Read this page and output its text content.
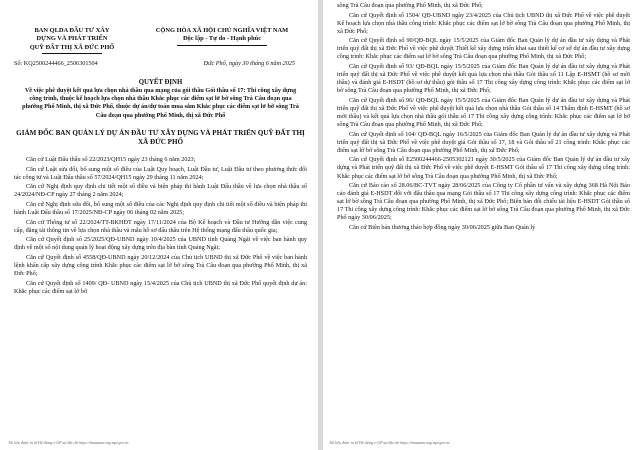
BAN QLDA ĐẦU TƯ XÂY
DỰNG VÀ PHÁT TRIỂN
QUỸ ĐẤT THỊ XÃ ĐỨC PHỔ
CỘNG HÒA XÃ HỘI CHỦ NGHĨA VIỆT NAM
Độc lập - Tự do - Hạnh phúc
Số: KQ2500244466_2506301504	Đức Phổ, ngày 30 tháng 6 năm 2025
QUYẾT ĐỊNH
Về việc phê duyệt kết quả lựa chọn nhà thầu qua mạng của gói thầu Gói thầu số 17: Thi công xây dựng công trình, thuộc kế hoạch lựa chọn nhà thầu Khắc phục các điểm sạt lở bờ sông Trà Câu đoạn qua phường Phổ Minh, thị xã Đức Phổ, thuộc dự án/dự toán mua sắm Khắc phục các điểm sạt lở bờ sông Trà Câu đoạn qua phường Phổ Minh, thị xã Đức Phổ
GIÁM ĐỐC BAN QUẢN LÝ DỰ ÁN ĐẦU TƯ XÂY DỰNG VÀ PHÁT TRIỂN QUỸ ĐẤT THỊ XÃ ĐỨC PHỔ

Căn cứ Luật Đấu thầu số 22/2023/QH15 ngày 23 tháng 6 năm 2023;

Căn cứ Luật sửa đổi, bổ sung một số điều của Luật Quy hoạch, Luật Đầu tư, Luật Đầu tư theo phương thức đối tác công tư và Luật Đấu thầu số 57/2024/QH15 ngày 29 tháng 11 năm 2024;

Căn cứ Nghị định quy định chi tiết một số điều và biện pháp thi hành Luật Đấu thầu về lựa chọn nhà thầu số 24/2024/NĐ-CP ngày 27 tháng 2 năm 2024;

Căn cứ Nghị định sửa đổi, bổ sung một số điều của các Nghị định quy định chi tiết một số điều và biện pháp thi hành Luật Đấu thầu số 17/2025/NĐ-CP ngày 06 tháng 02 năm 2025;

Căn cứ Thông tư số 22/2024/TT-BKHĐT ngày 17/11/2024 của Bộ Kế hoạch và Đầu tư Hướng dẫn việc cung cấp, đăng tải thông tin về lựa chọn nhà thầu và mẫu hồ sơ đấu thầu trên Hệ thống mạng đấu thầu quốc gia;

Căn cứ Quyết định số 25/2025/QĐ-UBND ngày 10/4/2025 của UBND tỉnh Quảng Ngãi về việc ban hành quy định về một số nội dung quản lý hoạt động xây dựng trên địa bàn tỉnh Quảng Ngãi;

Căn cứ Quyết định số 4558/QĐ-UBND ngày 20/12/2024 của Chủ tịch UBND thị xã Đức Phổ về việc ban hành lệnh khẩn cấp xây dựng công trình Khắc phục các điểm sạt lở bờ sông Trà Câu đoạn qua phường Phổ Minh, thị xã Đức Phổ;

Căn cứ Quyết định số 1409/ QĐ- UBND ngày 15/4/2025 của Chủ tịch UBND thị xã Đức Phổ quyết định dự án: Khắc phục các điểm sạt lở bờ

Tài liệu được in từ Hệ thống e-GP tại địa chỉ https://muasamcong.mpi.gov.vn

sông Trà Câu đoạn qua phường Phổ Minh, thị xã Đức Phổ;

Căn cứ Quyết định số 1504/ QĐ-UBND ngày 23/4/2025 của Chủ tịch UBND thị xã Đức Phổ về việc phê duyệt Kế hoạch lựa chọn nhà thầu công trình: Khắc phục các điểm sạt lở bờ sông Trà Câu đoạn qua phường Phổ Minh, thị xã Đức Phổ;

Căn cứ Quyết định số 90/QĐ-BQL ngày 15/5/2025 của Giám đốc Ban Quản lý dự án đầu tư xây dựng và Phát triển quỹ đất thị xã Đức Phổ về việc phê duyệt Thiết kế xây dựng triển khai sau thiết kế cơ sở dự án đầu tư xây dựng công trình: Khắc phục các điểm sạt lở bờ sông Trà Câu đoạn qua phường Phổ Minh, thị xã Đức Phổ;

Căn cứ Quyết định số 93/ QĐ-BQL ngày 15/5/2025 của Giám đốc Ban Quản lý dự án đầu tư xây dựng và Phát triển quỹ đất thị xã Đức Phổ về việc phê duyệt kết quả lựa chọn nhà thầu Gói thầu số 11 Lập E-HSMT (hồ sơ mời thầu) và đánh giá E-HSDT (hồ sơ dự thầu) gói thầu số 17 Thi công xây dựng công trình: Khắc phục các điểm sạt lở bờ sông Trà Câu đoạn qua phường Phổ Minh, thị xã Đức Phổ;

Căn cứ Quyết định số 96/ QĐ-BQL ngày 15/5/2025 của Giám đốc Ban Quản lý dự án đầu tư xây dựng và Phát triển quỹ đất thị xã Đức Phổ về việc phê duyệt kết quả lựa chọn nhà thầu Gói thầu số 14 Thẩm định E-HSMT (hồ sơ mời thầu) và kết quả lựa chọn nhà thầu gói thầu số 17 Thi công xây dựng công trình: Khắc phục các điểm sạt lở bờ sông Trà Câu đoạn qua phường Phổ Minh, thị xã Đức Phổ;

Căn cứ Quyết định số 104/ QĐ-BQL ngày 16/5/2025 của Giám đốc Ban Quản lý dự án đầu tư xây dựng và Phát triển quỹ đất thị xã Đức Phổ về việc phê duyệt giá Gói thầu số 17, 18 và Gói thầu số 21 công trình: Khắc phục các điểm sạt lở bờ sông Trà Câu đoạn qua phường Phổ Minh, thị xã Đức Phổ;

Căn cứ Quyết định số E2500244466-2505302121 ngày 30/5/2025 của Giám đốc Ban Quản lý dự án đầu tư xây dựng và Phát triển quỹ đất thị xã Đức Phổ về việc phê duyệt E-HSMT Gói thầu số 17 Thi công xây dựng công trình: Khắc phục các điểm sạt lở bờ sông Trà Câu đoạn qua phường Phổ Minh, thị xã Đức Phổ;

Căn cứ Báo cáo số 28.06/BC-TVT ngày 28/06/2025 của Công ty Cổ phần tư vấn và xây dựng 368 Hà Nội Báo cáo đánh giá E-HSDT đối với đấu thầu qua mạng Gói thầu số 17 Thi công xây dựng công trình: Khắc phục các điểm sạt lở bờ sông Trà Câu đoạn qua phường Phổ Minh, thị xã Đức Phổ; Biên bản đối chiếu tài liệu E-HSDT Gói thầu số 17 Thi công xây dựng công trình: Khắc phục các điểm sạt lở bờ sông Trà Câu đoạn qua phường Phổ Minh, thị xã Đức Phổ ngày 30/06/2025;

Căn cứ Biên bản thương thảo hợp đồng ngày 30/06/2025 giữa Ban Quản lý

Tài liệu được in từ Hệ thống e-GP tại địa chỉ https://muasamcong.mpi.gov.vn
